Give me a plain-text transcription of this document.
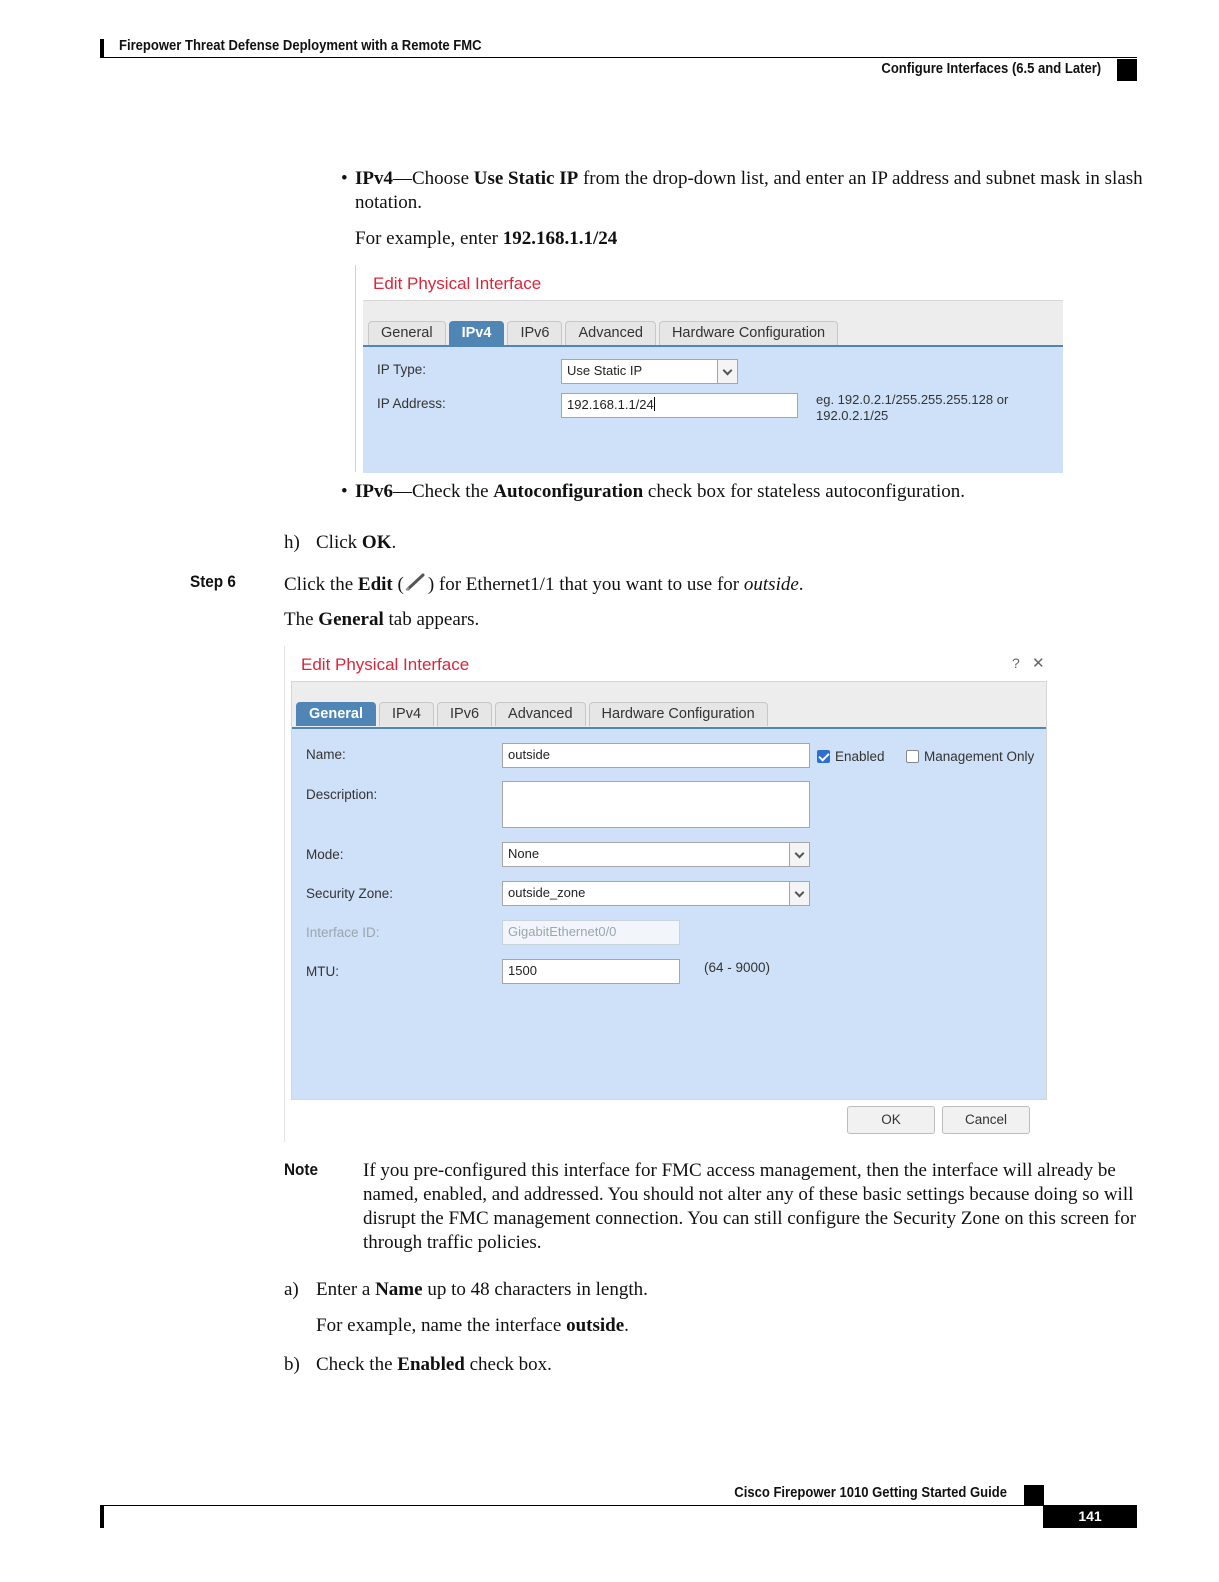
Firepower Threat Defense Deployment with a Remote FMC
Configure Interfaces (6.5 and Later)
• IPv4—Choose Use Static IP from the drop-down list, and enter an IP address and subnet mask in slash notation.
For example, enter 192.168.1.1/24
Edit Physical Interface
General	IPv4	IPv6	Advanced	Hardware Configuration
IP Type:	Use Static IP
IP Address:	192.168.1.1/24	eg. 192.0.2.1/255.255.255.128 or
192.0.2.1/25
• IPv6—Check the Autoconfiguration check box for stateless autoconfiguration.
h) Click OK.
Step 6	Click the Edit ( ) for Ethernet1/1 that you want to use for outside.
The General tab appears.
Edit Physical Interface	? ✕
General	IPv4	IPv6	Advanced	Hardware Configuration
Name:	outside	Enabled	Management Only
Description:
Mode:	None
Security Zone:	outside_zone
Interface ID:	GigabitEthernet0/0
MTU:	1500	(64 - 9000)
OK	Cancel
Note If you pre-configured this interface for FMC access management, then the interface will already be named, enabled, and addressed. You should not alter any of these basic settings because doing so will disrupt the FMC management connection. You can still configure the Security Zone on this screen for through traffic policies.
a) Enter a Name up to 48 characters in length.
For example, name the interface outside.
b) Check the Enabled check box.
Cisco Firepower 1010 Getting Started Guide
141
